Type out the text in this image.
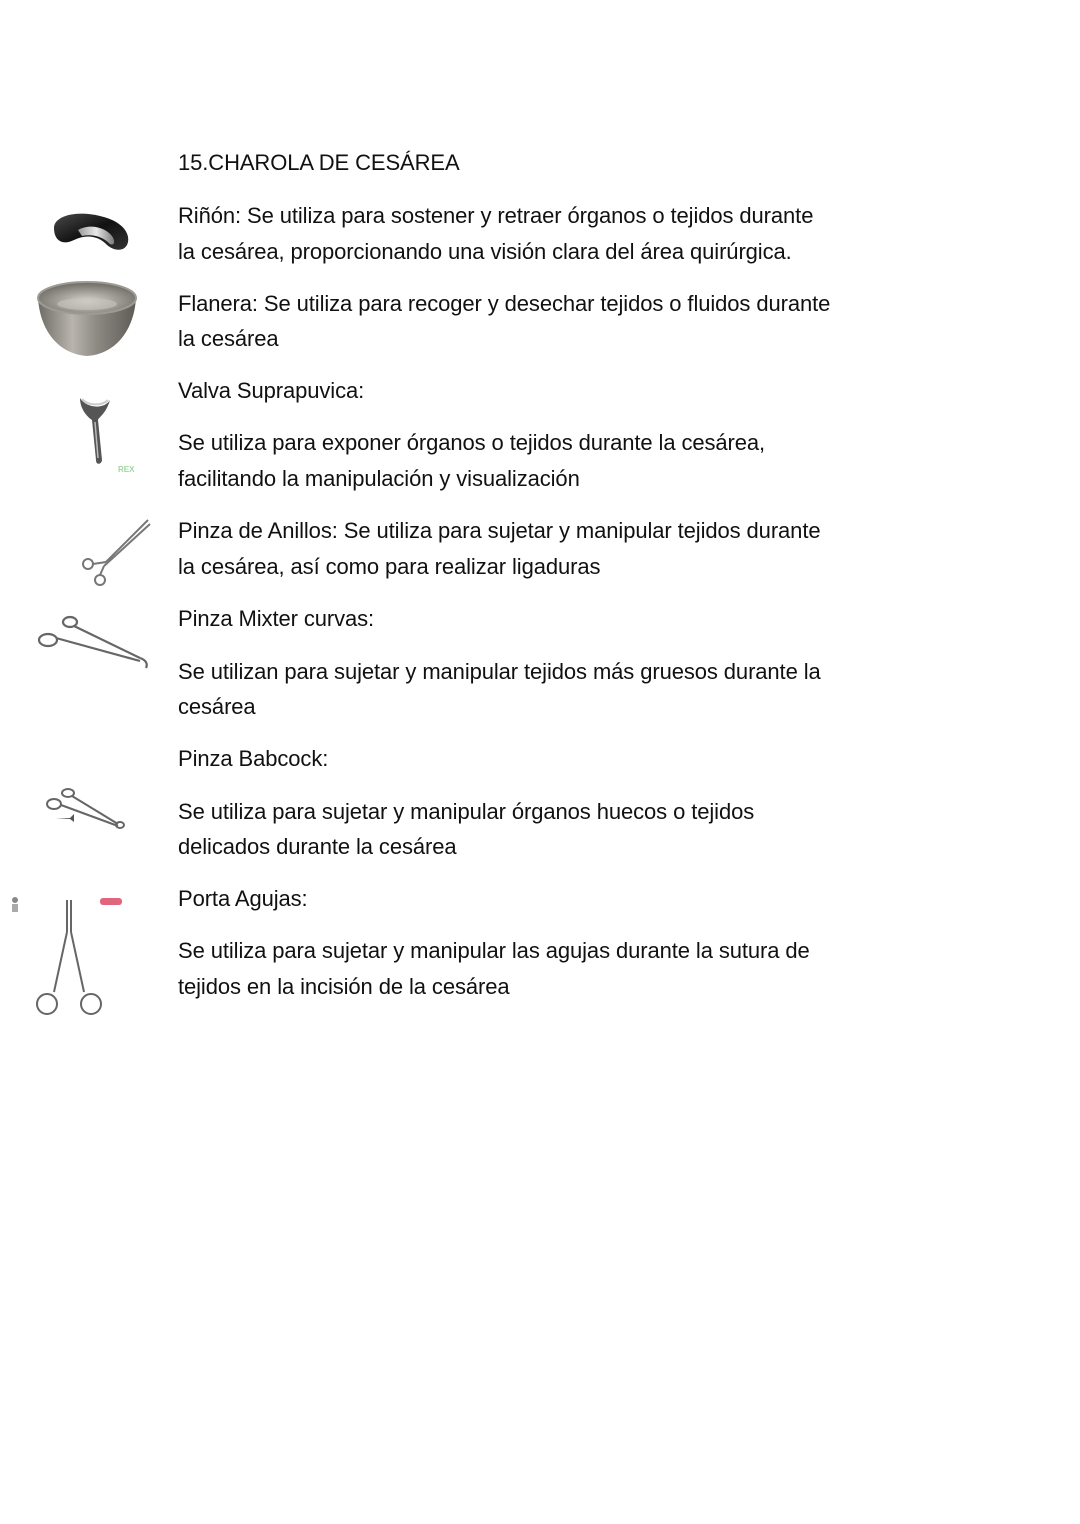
15.CHAROLA DE CESÁREA
Riñón: Se utiliza para sostener y retraer órganos o tejidos durante
la cesárea, proporcionando una visión clara del área quirúrgica.
Flanera: Se utiliza para recoger y desechar tejidos o fluidos durante
la cesárea
REX
Valva Suprapuvica:
Se utiliza para exponer órganos o tejidos durante la cesárea,
facilitando la manipulación y visualización
Pinza de Anillos: Se utiliza para sujetar y manipular tejidos durante
la cesárea, así como para realizar ligaduras
Pinza Mixter curvas:
Se utilizan para sujetar y manipular tejidos más gruesos durante la
cesárea
Pinza Babcock:
Se utiliza para sujetar y manipular órganos huecos o tejidos
delicados durante la cesárea
Porta Agujas:
Se utiliza para sujetar y manipular las agujas durante la sutura de
tejidos en la incisión de la cesárea
